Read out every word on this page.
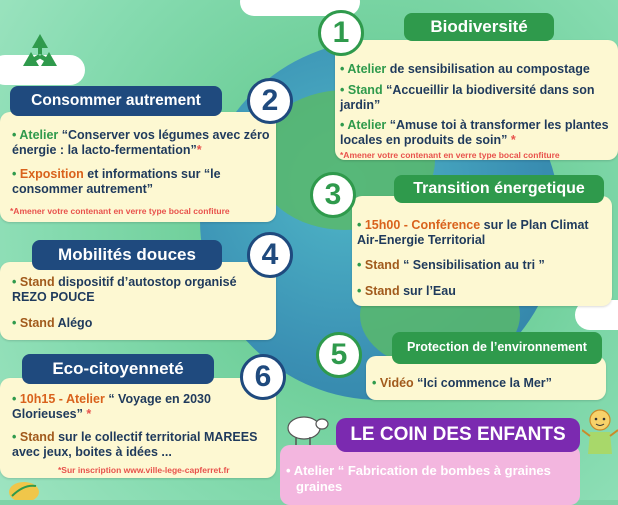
Consommer autrement	2
• Atelier “Conserver vos légumes avec zéro énergie : la lacto-fermentation”*
• Exposition et informations sur “le consommer autrement”
*Amener votre contenant en verre type bocal confiture
Mobilités douces	4
• Stand dispositif d’autostop organisé REZO POUCE
• Stand Alégo
Eco-citoyenneté	6
• 10h15 - Atelier “ Voyage en 2030 Glorieuses” *
• Stand sur le collectif territorial MAREES avec jeux, boites à idées ...
*Sur inscription www.ville-lege-capferret.fr
1	Biodiversité
• Atelier de sensibilisation au compostage
• Stand “Accueillir la biodiversité dans son jardin”
• Atelier “Amuse toi à transformer les plantes locales en produits de soin” *
*Amener votre contenant en verre type bocal confiture
3	Transition énergetique
• 15h00 - Conférence sur le Plan Climat Air-Energie Territorial
• Stand “ Sensibilisation au tri ”
• Stand sur l’Eau
5	Protection de l’environnement
• Vidéo “Ici commence la Mer”
LE COIN DES ENFANTS
• Atelier “ Fabrication de bombes à graines
graines
